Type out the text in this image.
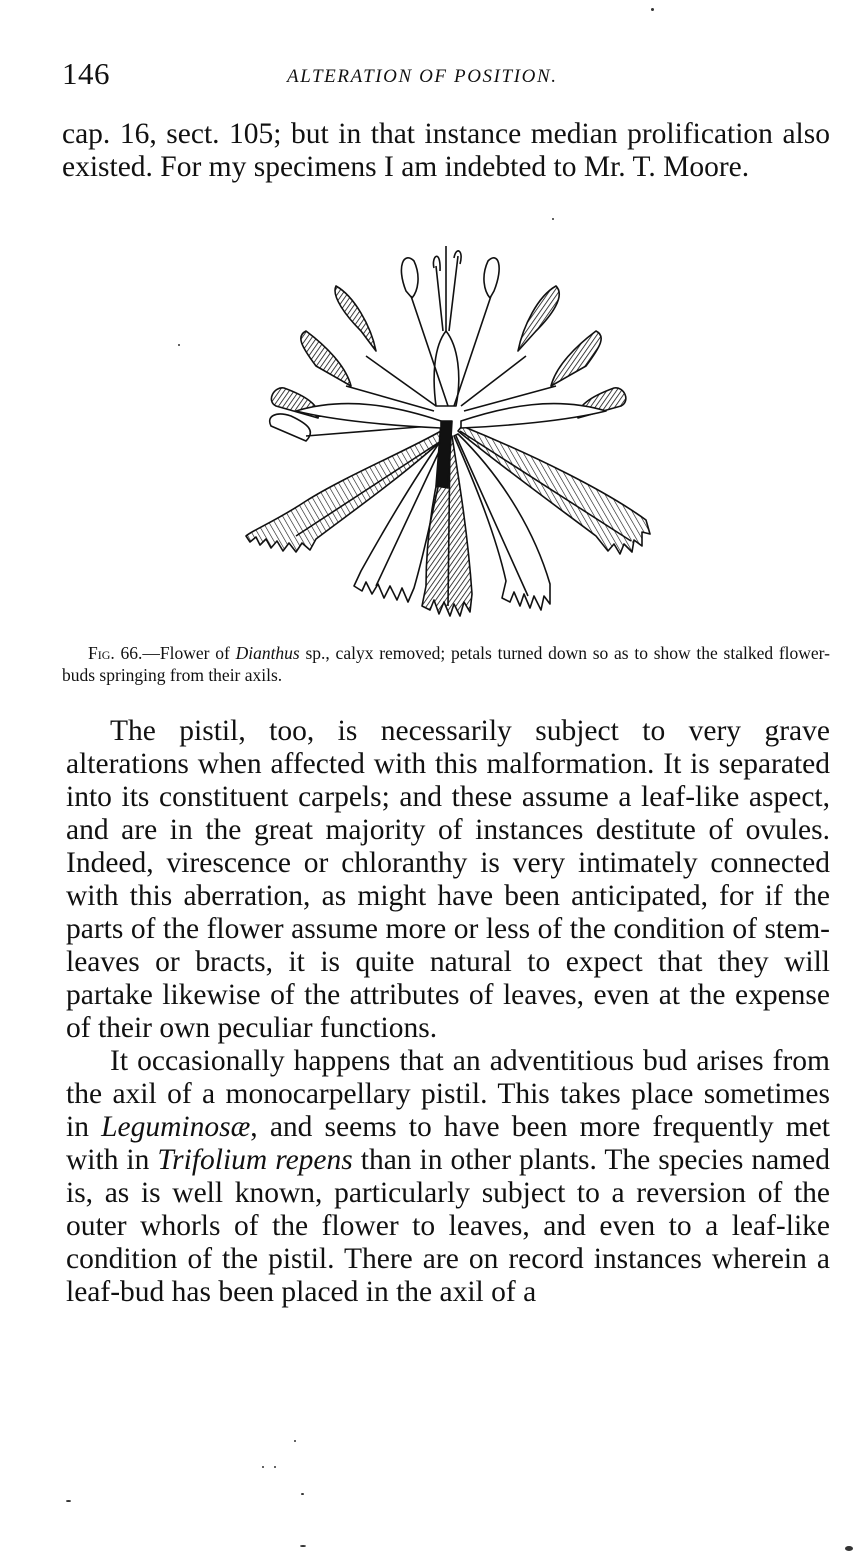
146	ALTERATION OF POSITION.

cap. 16, sect. 105; but in that instance median prolification also existed. For my specimens I am indebted to Mr. T. Moore.

Fig. 66.—Flower of Dianthus sp., calyx removed; petals turned down so as to show the stalked flower-buds springing from their axils.

The pistil, too, is necessarily subject to very grave alterations when affected with this malformation. It is separated into its constituent carpels; and these assume a leaf-like aspect, and are in the great majority of instances destitute of ovules. Indeed, virescence or chloranthy is very intimately connected with this aberration, as might have been anticipated, for if the parts of the flower assume more or less of the condition of stem-leaves or bracts, it is quite natural to expect that they will partake likewise of the attributes of leaves, even at the expense of their own peculiar functions.

It occasionally happens that an adventitious bud arises from the axil of a monocarpellary pistil. This takes place sometimes in Leguminosæ, and seems to have been more frequently met with in Trifolium repens than in other plants. The species named is, as is well known, particularly subject to a reversion of the outer whorls of the flower to leaves, and even to a leaf-like condition of the pistil. There are on record instances wherein a leaf-bud has been placed in the axil of a
